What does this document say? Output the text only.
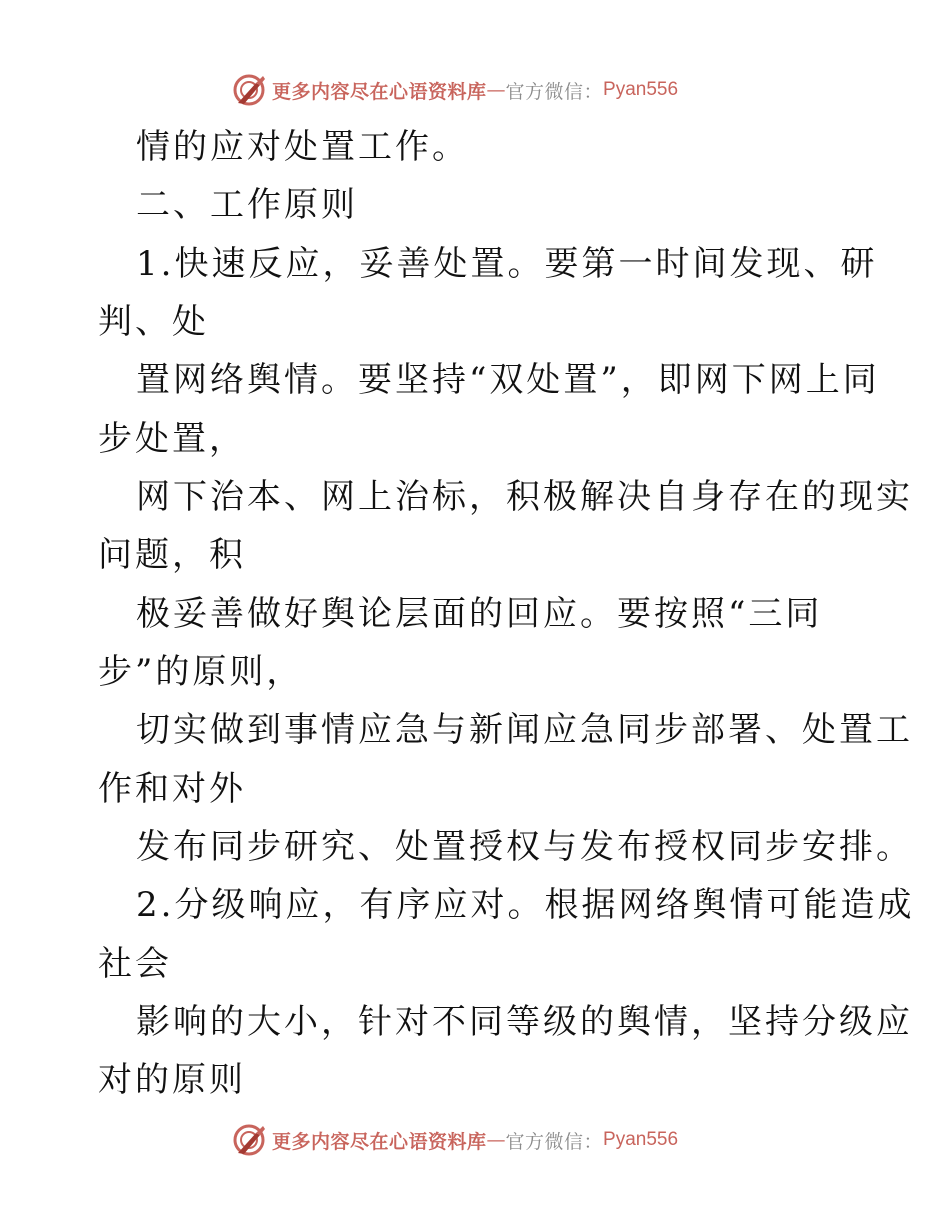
更多内容尽在心语资料库 — 官方微信： Pyan556
情的应对处置工作。
二、工作原则
1.快速反应，妥善处置。要第一时间发现、研
判、处
置网络舆情。要坚持“双处置”，即网下网上同
步处置，
网下治本、网上治标，积极解决自身存在的现实
问题，积
极妥善做好舆论层面的回应。要按照“三同
步”的原则，
切实做到事情应急与新闻应急同步部署、处置工
作和对外
发布同步研究、处置授权与发布授权同步安排。
2.分级响应，有序应对。根据网络舆情可能造成
社会
影响的大小，针对不同等级的舆情，坚持分级应
对的原则
更多内容尽在心语资料库 — 官方微信： Pyan556
